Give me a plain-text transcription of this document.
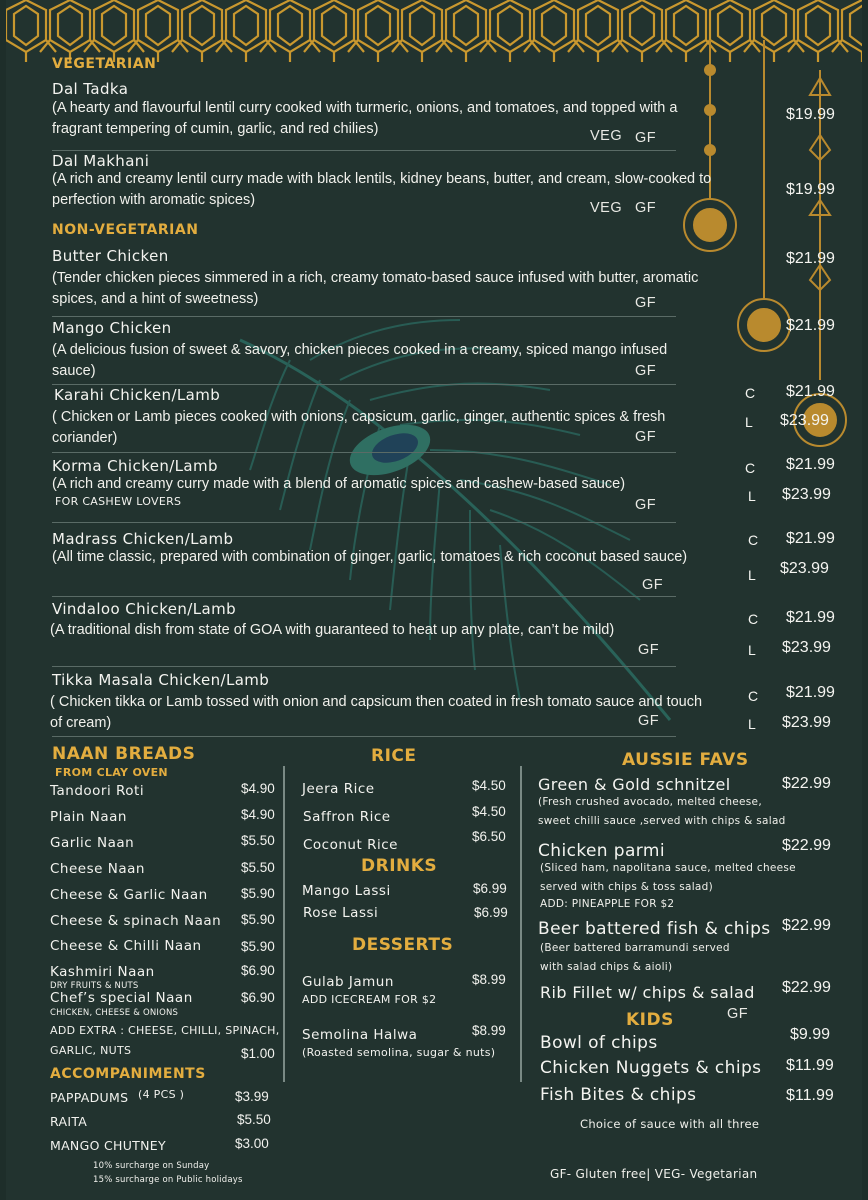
VEGETARIAN
Dal Tadka
(A hearty and flavourful lentil curry cooked with turmeric, onions, and tomatoes, and topped with a fragrant tempering of cumin, garlic, and red chilies)	VEG GF
$19.99
Dal Makhani
(A rich and creamy lentil curry made with black lentils, kidney beans, butter, and cream, slow-cooked to perfection with aromatic spices)	VEG GF
$19.99
NON-VEGETARIAN
Butter Chicken
(Tender chicken pieces simmered in a rich, creamy tomato-based sauce infused with butter, aromatic spices, and a hint of sweetness)	GF
$21.99
Mango Chicken
(A delicious fusion of sweet & savory, chicken pieces cooked in a creamy, spiced mango infused sauce)	GF
$21.99
Karahi Chicken/Lamb
( Chicken or Lamb pieces cooked with onions, capsicum, garlic, ginger, authentic spices & fresh coriander)	GF
C $21.99
L $23.99
Korma Chicken/Lamb
(A rich and creamy curry made with a blend of aromatic spices and cashew-based sauce)
FOR CASHEW LOVERS	GF
C $21.99
L $23.99
Madrass Chicken/Lamb
(All time classic, prepared with combination of ginger, garlic, tomatoes & rich coconut based sauce)
GF
C $21.99
L $23.99
Vindaloo Chicken/Lamb
(A traditional dish from state of GOA with guaranteed to heat up any plate, can’t be mild)
GF
C $21.99
L $23.99
Tikka Masala Chicken/Lamb
( Chicken tikka or Lamb tossed with onion and capsicum then coated in fresh tomato sauce and touch of cream)	GF
C $21.99
L $23.99
NAAN BREADS
FROM CLAY OVEN
Tandoori Roti	$4.90
Plain Naan	$4.90
Garlic Naan	$5.50
Cheese Naan	$5.50
Cheese & Garlic Naan $5.90
Cheese & spinach Naan $5.90
Cheese & Chilli Naan	$5.90
Kashmiri Naan
DRY FRUITS & NUTS
$6.90
Chef’s special Naan
CHICKEN, CHEESE & ONIONS
$6.90
ADD EXTRA : CHEESE, CHILLI, SPINACH,
GARLIC, NUTS	$1.00
ACCOMPANIMENTS
PAPPADUMS (4 PCS )	$3.99
RAITA	$5.50
MANGO CHUTNEY	$3.00
10% surcharge on Sunday
15% surcharge on Public holidays
RICE
Jeera Rice	$4.50
Saffron Rice	$4.50
Coconut Rice
$6.50
DRINKS
Mango Lassi	$6.99
Rose Lassi	$6.99
DESSERTS
Gulab Jamun	$8.99
ADD ICECREAM FOR $2
Semolina Halwa	$8.99
(Roasted semolina, sugar & nuts)
AUSSIE FAVS
Green & Gold schnitzel	$22.99
(Fresh crushed avocado, melted cheese,
sweet chilli sauce ,served with chips & salad
Chicken parmi	$22.99
(Sliced ham, napolitana sauce, melted cheese
served with chips & toss salad)
ADD: PINEAPPLE FOR $2
Beer battered fish & chips $22.99
(Beer battered barramundi served
with salad chips & aioli)
Rib Fillet w/ chips & salad $22.99
GF
KIDS
Bowl of chips	$9.99
Chicken Nuggets & chips $11.99
Fish Bites & chips	$11.99
Choice of sauce with all three
GF- Gluten free| VEG- Vegetarian
